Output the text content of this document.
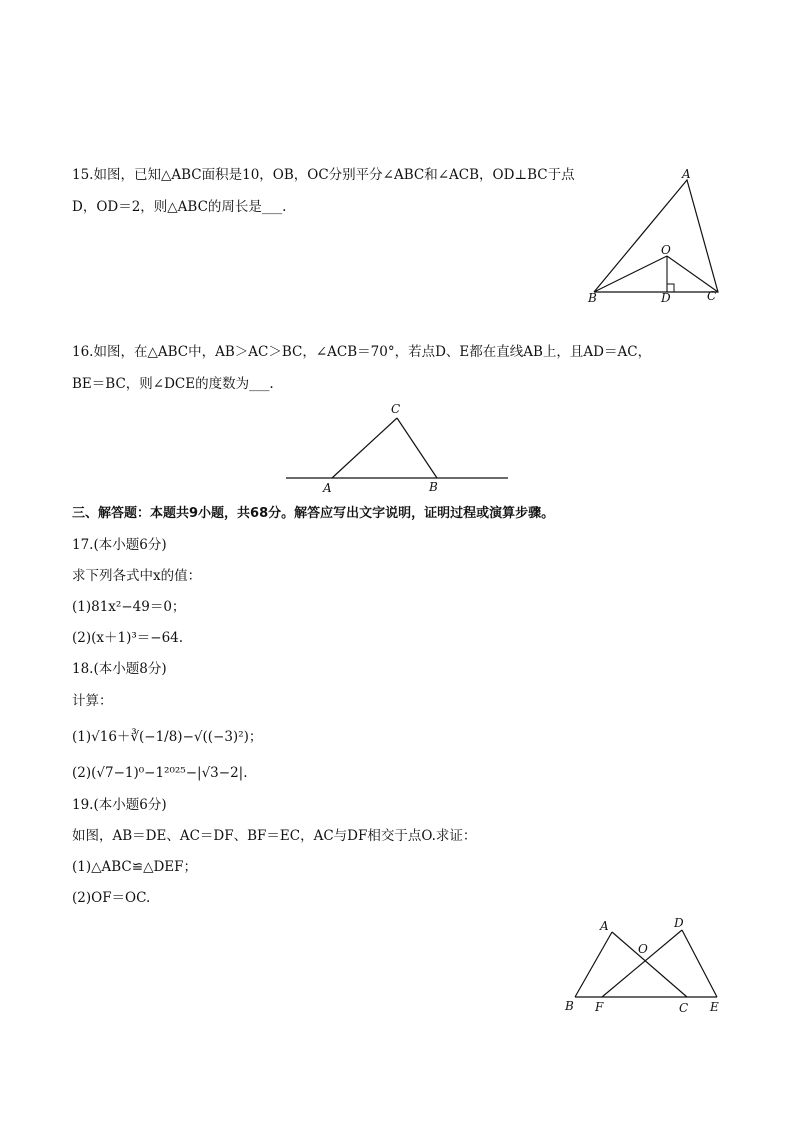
15.如图，已知△ABC面积是10，OB，OC分别平分∠ABC和∠ACB，OD⊥BC于点
D，OD＝2，则△ABC的周长是___.
A
O
B	D	C
16.如图，在△ABC中，AB＞AC＞BC，∠ACB＝70°，若点D、E都在直线AB上，且AD＝AC，
BE＝BC，则∠DCE的度数为___.
C
A	B
三、解答题：本题共9小题，共68分。解答应写出文字说明，证明过程或演算步骤。
17.(本小题6分)
求下列各式中x的值：
(1)81x²−49＝0；
(2)(x＋1)³＝−64.
18.(本小题8分)
计算：
(1)√16＋∛(−1/8)−√((−3)²)；
(2)(√7−1)⁰−1²⁰²⁵−|√3−2|.
19.(本小题6分)
如图，AB＝DE、AC＝DF、BF＝EC，AC与DF相交于点O.求证：
(1)△ABC≌△DEF；
(2)OF＝OC.
A	D
O
B F	C E
